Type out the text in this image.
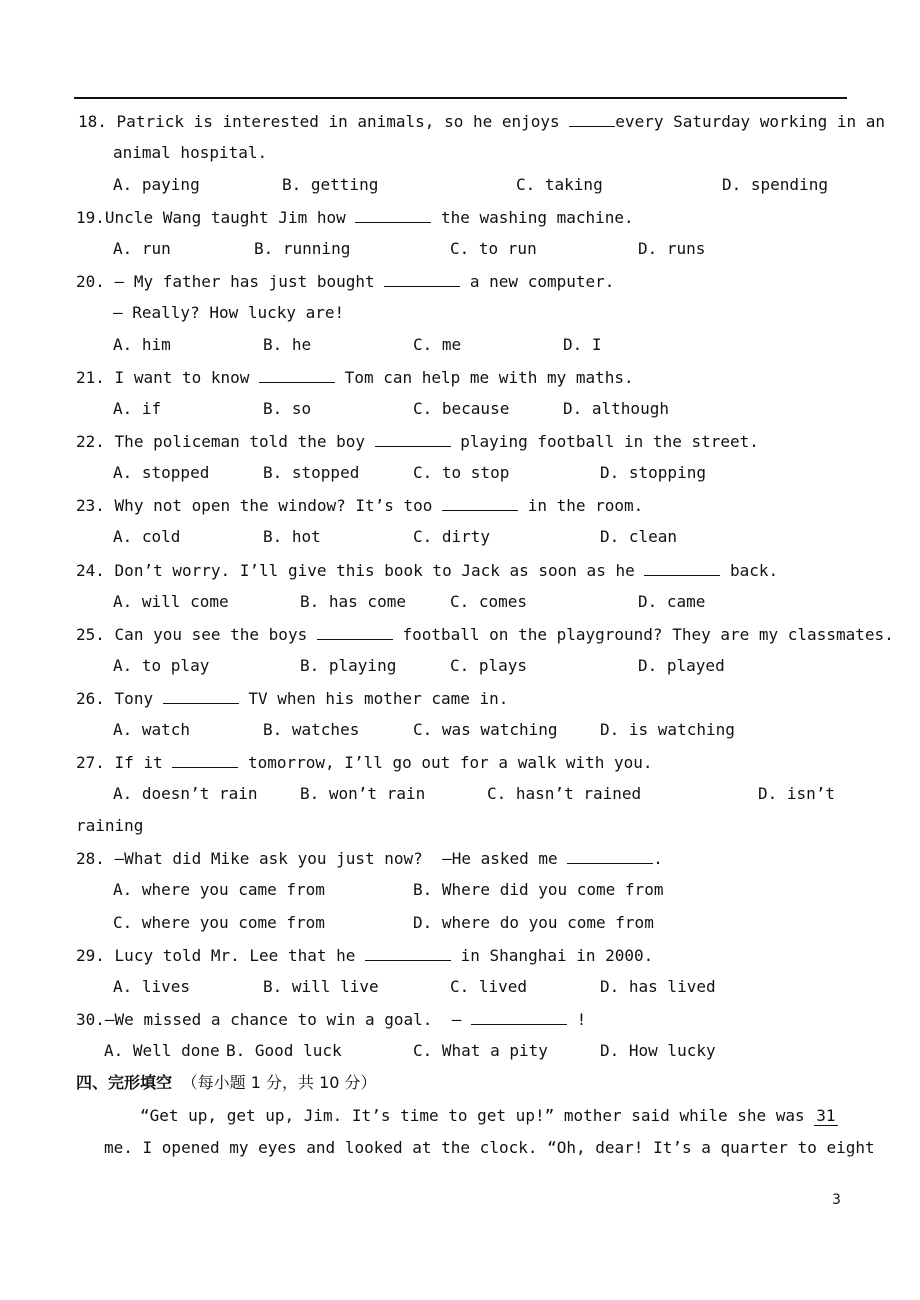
18. Patrick is interested in animals, so he enjoys	every Saturday working in an
animal hospital.
A. paying	B. getting	C. taking	D. spending
19.Uncle Wang taught Jim how	the washing machine.
A. run	B. running	C. to run	D. runs
20. — My father has just bought	a new computer.
— Really? How lucky are!
A. him	B. he	C. me	D. I
21. I want to know	Tom can help me with my maths.
A. if	B. so	C. because	D. although
22. The policeman told the boy	playing football in the street.
A. stopped	B. stopped	C. to stop	D. stopping
23. Why not open the window? It’s too	in the room.
A. cold	B. hot	C. dirty	D. clean
24. Don’t worry. I’ll give this book to Jack as soon as he	back.
A. will come	B. has come	C. comes	D. came
25. Can you see the boys	football on the playground? They are my classmates.
A. to play	B. playing	C. plays	D. played
26. Tony	TV when his mother came in.
A. watch	B. watches	C. was watching	D. is watching
27. If it	tomorrow, I’ll go out for a walk with you.
A. doesn’t rain	B. won’t rain	C. hasn’t rained	D. isn’t
raining
28. —What did Mike ask you just now?  —He asked me	.
A. where you came from	B. Where did you come from
C. where you come from	D. where do you come from
29. Lucy told Mr. Lee that he	in Shanghai in 2000.
A. lives	B. will live	C. lived	D. has lived
30.—We missed a chance to win a goal.  —	!
A. Well done B. Good luck	C. What a pity	D. How lucky
四、完形填空 （每小题 1 分，共 10 分）
“Get up, get up, Jim. It’s time to get up!” mother said while she was 31
me. I opened my eyes and looked at the clock. “Oh, dear! It’s a quarter to eight
3
